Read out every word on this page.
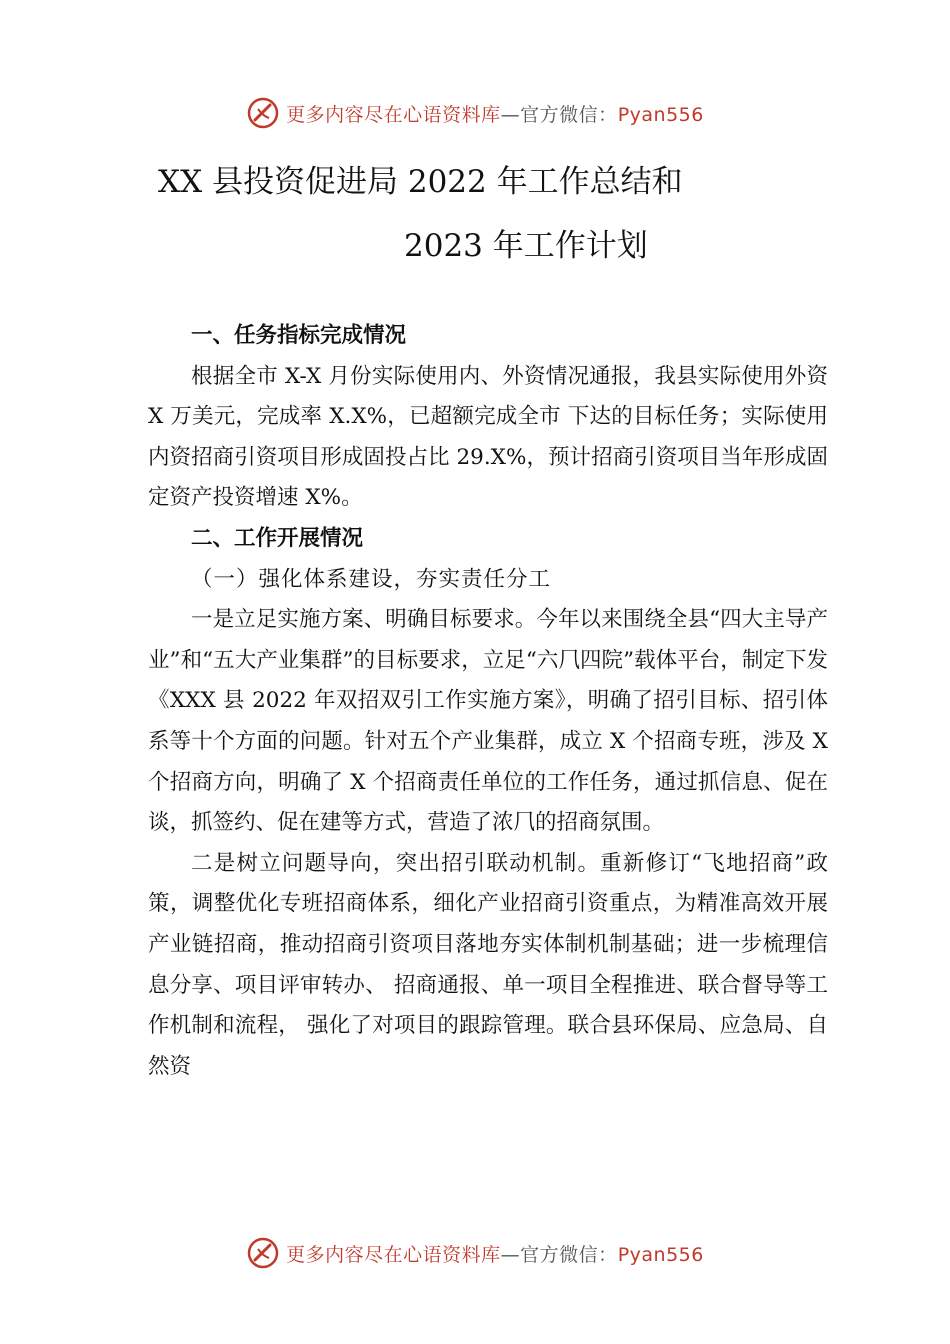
更多内容尽在心语资料库—官方微信：Pyan556
XX 县投资促进局 2022 年工作总结和
2023 年工作计划
一、任务指标完成情况

根据全市 X-X 月份实际使用内、外资情况通报，我县实际使用外资 X 万美元，完成率 X.X%，已超额完成全市 下达的目标任务；实际使用内资招商引资项目形成固投占比 29.X%，预计招商引资项目当年形成固定资产投资增速 X%。

二、工作开展情况
（一）强化体系建设，夯实责任分工

一是立足实施方案、明确目标要求。今年以来围绕全县“四大主导产业”和“五大产业集群”的目标要求，立足“六⺇四院”载体平台，制定下发《XXX 县 2022 年双招双引工作实施方案》，明确了招引目标、招引体系等十个方面的问题。针对五个产业集群，成立 X 个招商专班，涉及 X 个招商方向，明确了 X 个招商责任单位的工作任务，通过抓信息、促在谈，抓签约、促在建等方式，营造了浓⺇的招商氛围。

二是树立问题导向，突出招引联动机制。重新修订“飞地招商”政策，调整优化专班招商体系，细化产业招商引资重点，为精准高效开展产业链招商，推动招商引资项目落地夯实体制机制基础；进一步梳理信息分享、项目评审转办、 招商通报、单一项目全程推进、联合督导等工作机制和流程， 强化了对项目的跟踪管理。联合县环保局、应急局、自然资

更多内容尽在心语资料库—官方微信：Pyan556
